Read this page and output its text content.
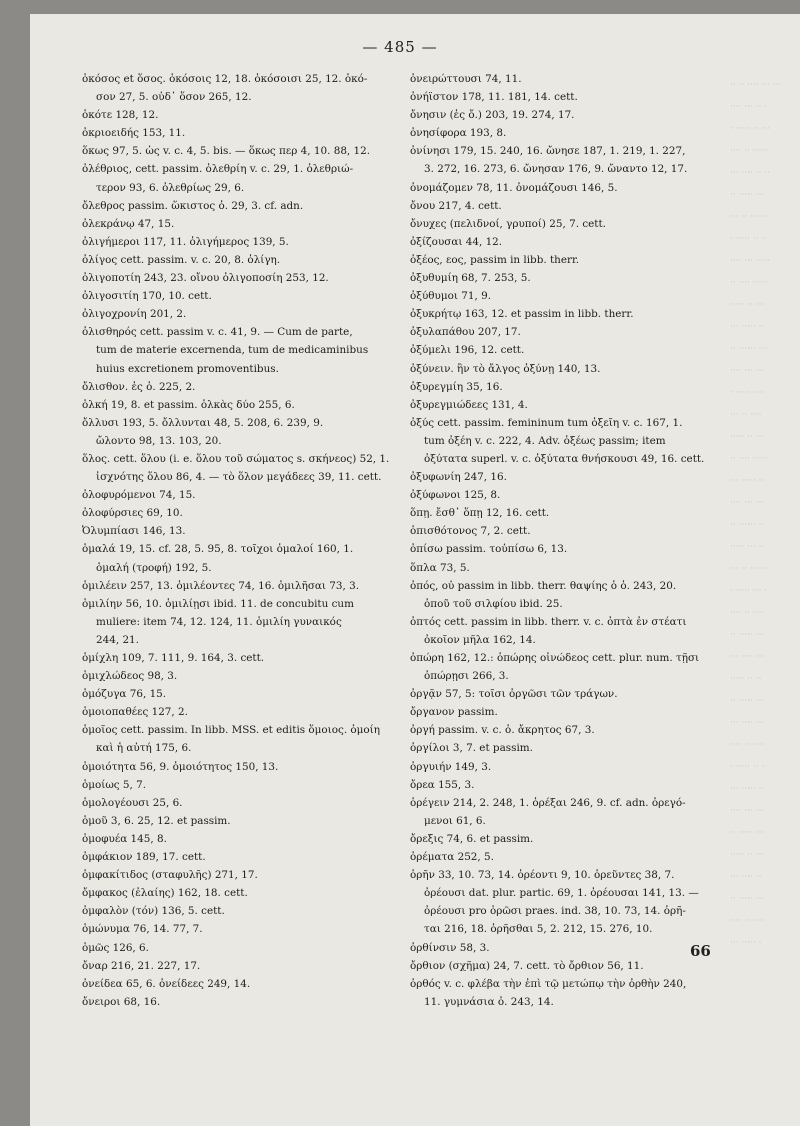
·· ·· ···· ··· ···
···· ··· ·· ·
· ····· ·· ···
···· ·· ·····
··· ···· ·· ··
·· ····· ···
··· ·· ······
· ····· ·· ··
···· ··· ·····
·· ···· ·····
····· ·· ···
··· ····· ··
·· ······ ···
···· ··· ···
· ····· ····
··· ·· ····
····· ·· ···
·· ···· ·····
··· ····· ··
···· ··· ···
·· ······ ··
····· ··· ··
··· ·· ······
· ····· ··· ·
···· ·· ····
·· ····· ···
··· ···· ···
····· ·· ··
·· ····· ···
··· ···· ···
···· ·· ····
· ····· ·· ·
··· ····· ··
···· ··· ···
·· ····· ···
····· ·· ···
··· ···· ··
·· ····· ···
···· ·· ····
··· ····· ·
— 485 —
ὁκόσος et ὅσος. ὁκόσοις 12, 18. ὁκόσοισι 25, 12. ὁκό-
σον 27, 5. οὐδ᾽ ὅσον 265, 12.
ὁκότε 128, 12.
ὀκριοειδής 153, 11.
ὅκως 97, 5. ὡς v. c. 4, 5. bis. — ὅκως περ 4, 10. 88, 12.
ὀλέθριος, cett. passim. ὀλεθρίη v. c. 29, 1. ὀλεθριώ-
τερον 93, 6. ὀλεθρίως 29, 6.
ὄλεθρος passim. ὥκιστος ὀ. 29, 3. cf. adn.
ὀλεκράνῳ 47, 15.
ὀλιγήμεροι 117, 11. ὀλιγήμερος 139, 5.
ὀλίγος cett. passim. v. c. 20, 8. ὀλίγη.
ὀλιγοποτίη 243, 23. οἴνου ὀλιγοποσίη 253, 12.
ὀλιγοσιτίη 170, 10. cett.
ὀλιγοχρονίη 201, 2.
ὀλισθηρός cett. passim v. c. 41, 9. — Cum de parte,
tum de materie excernenda, tum de medicaminibus
huius excretionem promoventibus.
ὄλισθον. ἐς ὀ. 225, 2.
ὁλκή 19, 8. et passim. ὁλκὰς δύο 255, 6.
ὄλλυσι 193, 5. ὄλλυνται 48, 5. 208, 6. 239, 9.
ὤλοντο 98, 13. 103, 20.
ὅλος. cett. ὅλου (i. e. ὅλου τοῦ σώματος s. σκήνεος) 52, 1.
ἰσχνότης ὅλου 86, 4. — τὸ ὅλον μεγάδεες 39, 11. cett.
ὀλοφυρόμενοι 74, 15.
ὀλοφύρσιες 69, 10.
Ὀλυμπίασι 146, 13.
ὁμαλά 19, 15. cf. 28, 5. 95, 8. τοῖχοι ὁμαλοί 160, 1.
ὁμαλή (τροφή) 192, 5.
ὁμιλέειν 257, 13. ὁμιλέοντες 74, 16. ὁμιλῆσαι 73, 3.
ὁμιλίην 56, 10. ὁμιλίῃσι ibid. 11. de concubitu cum
muliere: item 74, 12. 124, 11. ὁμιλίη γυναικός
244, 21.
ὁμίχλη 109, 7. 111, 9. 164, 3. cett.
ὁμιχλώδεος 98, 3.
ὁμόζυγα 76, 15.
ὁμοιοπαθέες 127, 2.
ὁμοῖος cett. passim. In libb. MSS. et editis ὅμοιος. ὁμοίη
καὶ ἡ αὐτή 175, 6.
ὁμοιότητα 56, 9. ὁμοιότητος 150, 13.
ὁμοίως 5, 7.
ὁμολογέουσι 25, 6.
ὁμοῦ 3, 6. 25, 12. et passim.
ὁμοφυέα 145, 8.
ὀμφάκιον 189, 17. cett.
ὀμφακίτιδος (σταφυλῆς) 271, 17.
ὄμφακος (ἐλαίης) 162, 18. cett.
ὀμφαλὸν (τόν) 136, 5. cett.
ὁμώνυμα 76, 14. 77, 7.
ὁμῶς 126, 6.
ὄναρ 216, 21. 227, 17.
ὀνείδεα 65, 6. ὀνείδεες 249, 14.
ὄνειροι 68, 16.
ὀνειρώττουσι 74, 11.
ὀνήϊστον 178, 11. 181, 14. cett.
ὄνησιν (ἐς ὄ.) 203, 19. 274, 17.
ὀνησίφορα 193, 8.
ὀνίνησι 179, 15. 240, 16. ὤνησε 187, 1. 219, 1. 227,
3. 272, 16. 273, 6. ὤνησαν 176, 9. ὤναντο 12, 17.
ὀνομάζομεν 78, 11. ὀνομάζουσι 146, 5.
ὄνου 217, 4. cett.
ὄνυχες (πελιδνοί, γρυποί) 25, 7. cett.
ὀξίζουσαι 44, 12.
ὀξέος, εος, passim in libb. therr.
ὀξυθυμίη 68, 7. 253, 5.
ὀξύθυμοι 71, 9.
ὀξυκρήτῳ 163, 12. et passim in libb. therr.
ὀξυλαπάθου 207, 17.
ὀξύμελι 196, 12. cett.
ὀξύνειν. ἢν τὸ ἄλγος ὀξύνῃ 140, 13.
ὀξυρεγμίη 35, 16.
ὀξυρεγμιώδεες 131, 4.
ὀξύς cett. passim. femininum tum ὀξεῖη v. c. 167, 1.
tum ὀξέη v. c. 222, 4. Adv. ὀξέως passim; item
ὀξύτατα superl. v. c. ὀξύτατα θνήσκουσι 49, 16. cett.
ὀξυφωνίη 247, 16.
ὀξύφωνοι 125, 8.
ὅπῃ. ἔσθ᾽ ὅπῃ 12, 16. cett.
ὀπισθότονος 7, 2. cett.
ὀπίσω passim. τοὐπίσω 6, 13.
ὅπλα 73, 5.
ὀπός, οὐ passim in libb. therr. θαψίης ὁ ὀ. 243, 20.
ὀποῦ τοῦ σιλφίου ibid. 25.
ὀπτός cett. passim in libb. therr. v. c. ὀπτὰ ἐν στέατι
ὀκοῖον μῆλα 162, 14.
ὀπώρη 162, 12.: ὀπώρης οἰνώδεος cett. plur. num. τῇσι
ὀπώρῃσι 266, 3.
ὀργᾷν 57, 5: τοῖσι ὀργῶσι τῶν τράγων.
ὄργανον passim.
ὀργή passim. v. c. ὀ. ἄκρητος 67, 3.
ὀργίλοι 3, 7. et passim.
ὀργυιήν 149, 3.
ὄρεα 155, 3.
ὀρέγειν 214, 2. 248, 1. ὀρέξαι 246, 9. cf. adn. ὀρεγό-
μενοι 61, 6.
ὄρεξις 74, 6. et passim.
ὀρέματα 252, 5.
ὀρῆν 33, 10. 73, 14. ὀρέοντι 9, 10. ὀρεῦντες 38, 7.
ὀρέουσι dat. plur. partic. 69, 1. ὀρέουσαι 141, 13. —
ὀρέουσι pro ὁρῶσι praes. ind. 38, 10. 73, 14. ὀρῆ-
ται 216, 18. ὀρῆσθαι 5, 2. 212, 15. 276, 10.
ὀρθίνσιν 58, 3.
ὄρθιον (σχῆμα) 24, 7. cett. τὸ ὄρθιον 56, 11.
ὀρθός v. c. φλέβα τὴν ἐπὶ τῷ μετώπῳ τὴν ὀρθὴν 240,
11. γυμνάσια ὀ. 243, 14.
66
